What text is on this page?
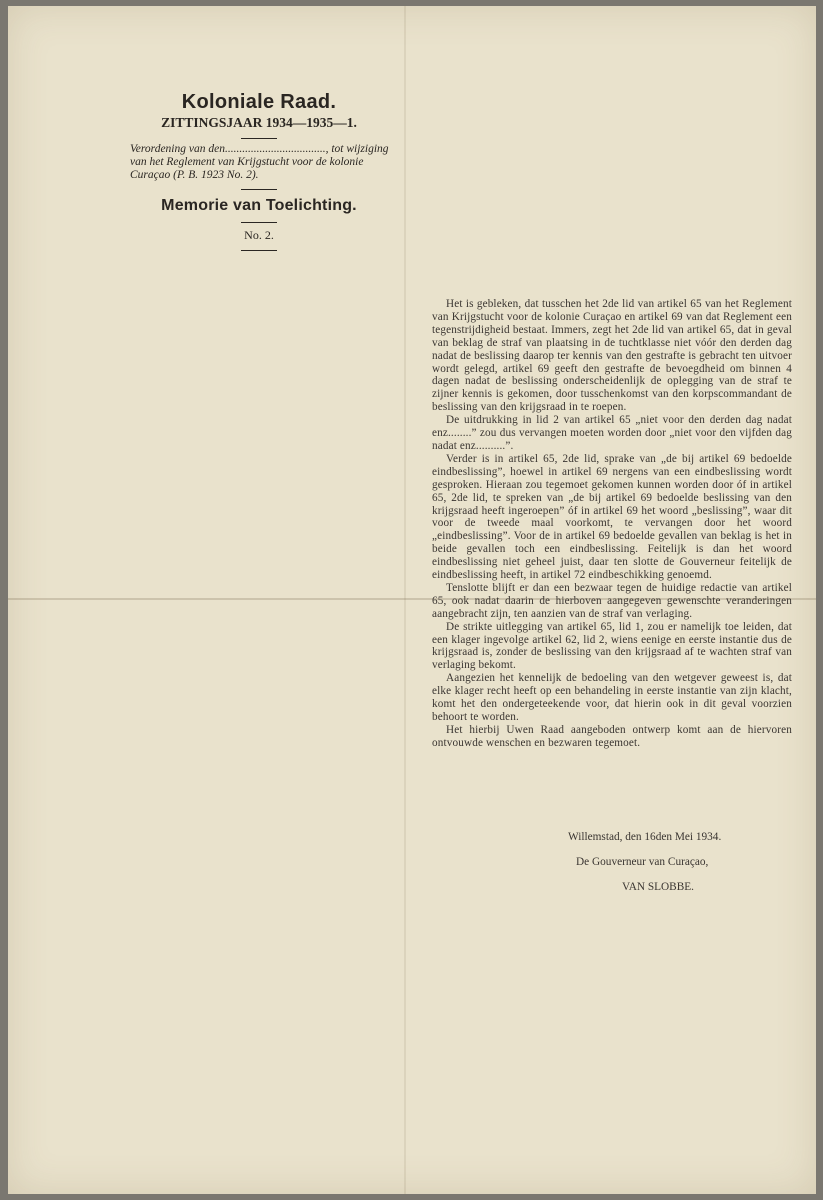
Koloniale Raad.
ZITTINGSJAAR 1934—1935—1.
Verordening van den..................................., tot wijziging van het Reglement van Krijgstucht voor de kolonie Curaçao (P. B. 1923 No. 2).
Memorie van Toelichting.
No. 2.

Het is gebleken, dat tusschen het 2de lid van artikel 65 van het Reglement van Krijgstucht voor de kolonie Curaçao en artikel 69 van dat Reglement een tegenstrijdigheid bestaat. Immers, zegt het 2de lid van artikel 65, dat in geval van beklag de straf van plaatsing in de tuchtklasse niet vóór den derden dag nadat de beslissing daarop ter kennis van den gestrafte is gebracht ten uitvoer wordt gelegd, artikel 69 geeft den gestrafte de bevoegdheid om binnen 4 dagen nadat de beslissing onderscheidenlijk de oplegging van de straf te zijner kennis is gekomen, door tusschenkomst van den korpscommandant de beslissing van den krijgsraad in te roepen.

De uitdrukking in lid 2 van artikel 65 „niet voor den derden dag nadat enz........” zou dus vervangen moeten worden door „niet voor den vijfden dag nadat enz..........”.

Verder is in artikel 65, 2de lid, sprake van „de bij artikel 69 bedoelde eindbeslissing”, hoewel in artikel 69 nergens van een eindbeslissing wordt gesproken. Hieraan zou tegemoet gekomen kunnen worden door óf in artikel 65, 2de lid, te spreken van „de bij artikel 69 bedoelde beslissing van den krijgsraad heeft ingeroepen” óf in artikel 69 het woord „beslissing”, waar dit voor de tweede maal voorkomt, te vervangen door het woord „eindbeslissing”. Voor de in artikel 69 bedoelde gevallen van beklag is het in beide gevallen toch een eindbeslissing. Feitelijk is dan het woord eindbeslissing niet geheel juist, daar ten slotte de Gouverneur feitelijk de eindbeslissing heeft, in artikel 72 eindbeschikking genoemd.

Tenslotte blijft er dan een bezwaar tegen de huidige redactie van artikel 65, ook nadat daarin de hierboven aangegeven gewenschte veranderingen aangebracht zijn, ten aanzien van de straf van verlaging.

De strikte uitlegging van artikel 65, lid 1, zou er namelijk toe leiden, dat een klager ingevolge artikel 62, lid 2, wiens eenige en eerste instantie dus de krijgsraad is, zonder de beslissing van den krijgsraad af te wachten straf van verlaging bekomt.

Aangezien het kennelijk de bedoeling van den wetgever geweest is, dat elke klager recht heeft op een behandeling in eerste instantie van zijn klacht, komt het den ondergeteekende voor, dat hierin ook in dit geval voorzien behoort te worden.

Het hierbij Uwen Raad aangeboden ontwerp komt aan de hiervoren ontvouwde wenschen en bezwaren tegemoet.

Willemstad, den 16den Mei 1934.
De Gouverneur van Curaçao,
VAN SLOBBE.
